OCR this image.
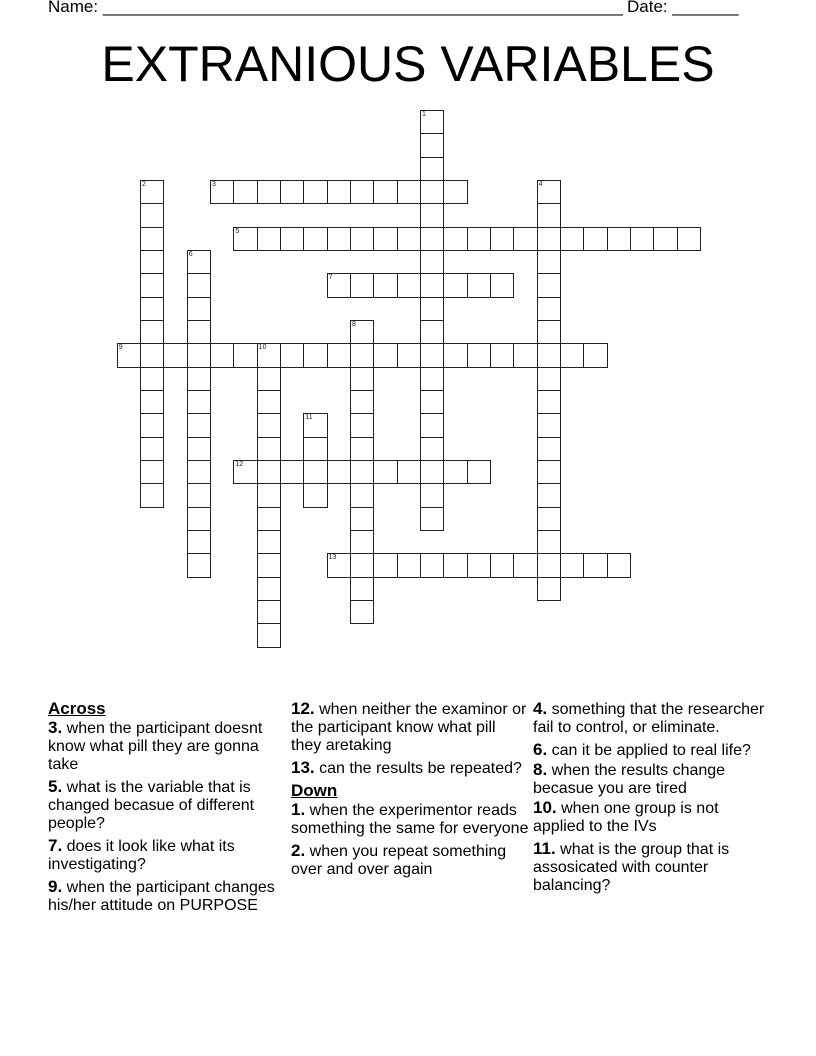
Name: _______________________________________________________ Date: _______
EXTRANIOUS VARIABLES
1
2	3	4
5
6
7
8
9	10
11
12
13
Across
3. when the participant doesnt know what pill they are gonna take
5. what is the variable that is changed becasue of different people?
7. does it look like what its investigating?
9. when the participant changes his/her attitude on PURPOSE
12. when neither the examinor or the participant know what pill they aretaking
13. can the results be repeated?
Down
1. when the experimentor reads something the same for everyone
2. when you repeat something over and over again
4. something that the researcher fail to control, or eliminate.
6. can it be applied to real life?
8. when the results change becasue you are tired
10. when one group is not applied to the IVs
11. what is the group that is assosicated with counter balancing?
